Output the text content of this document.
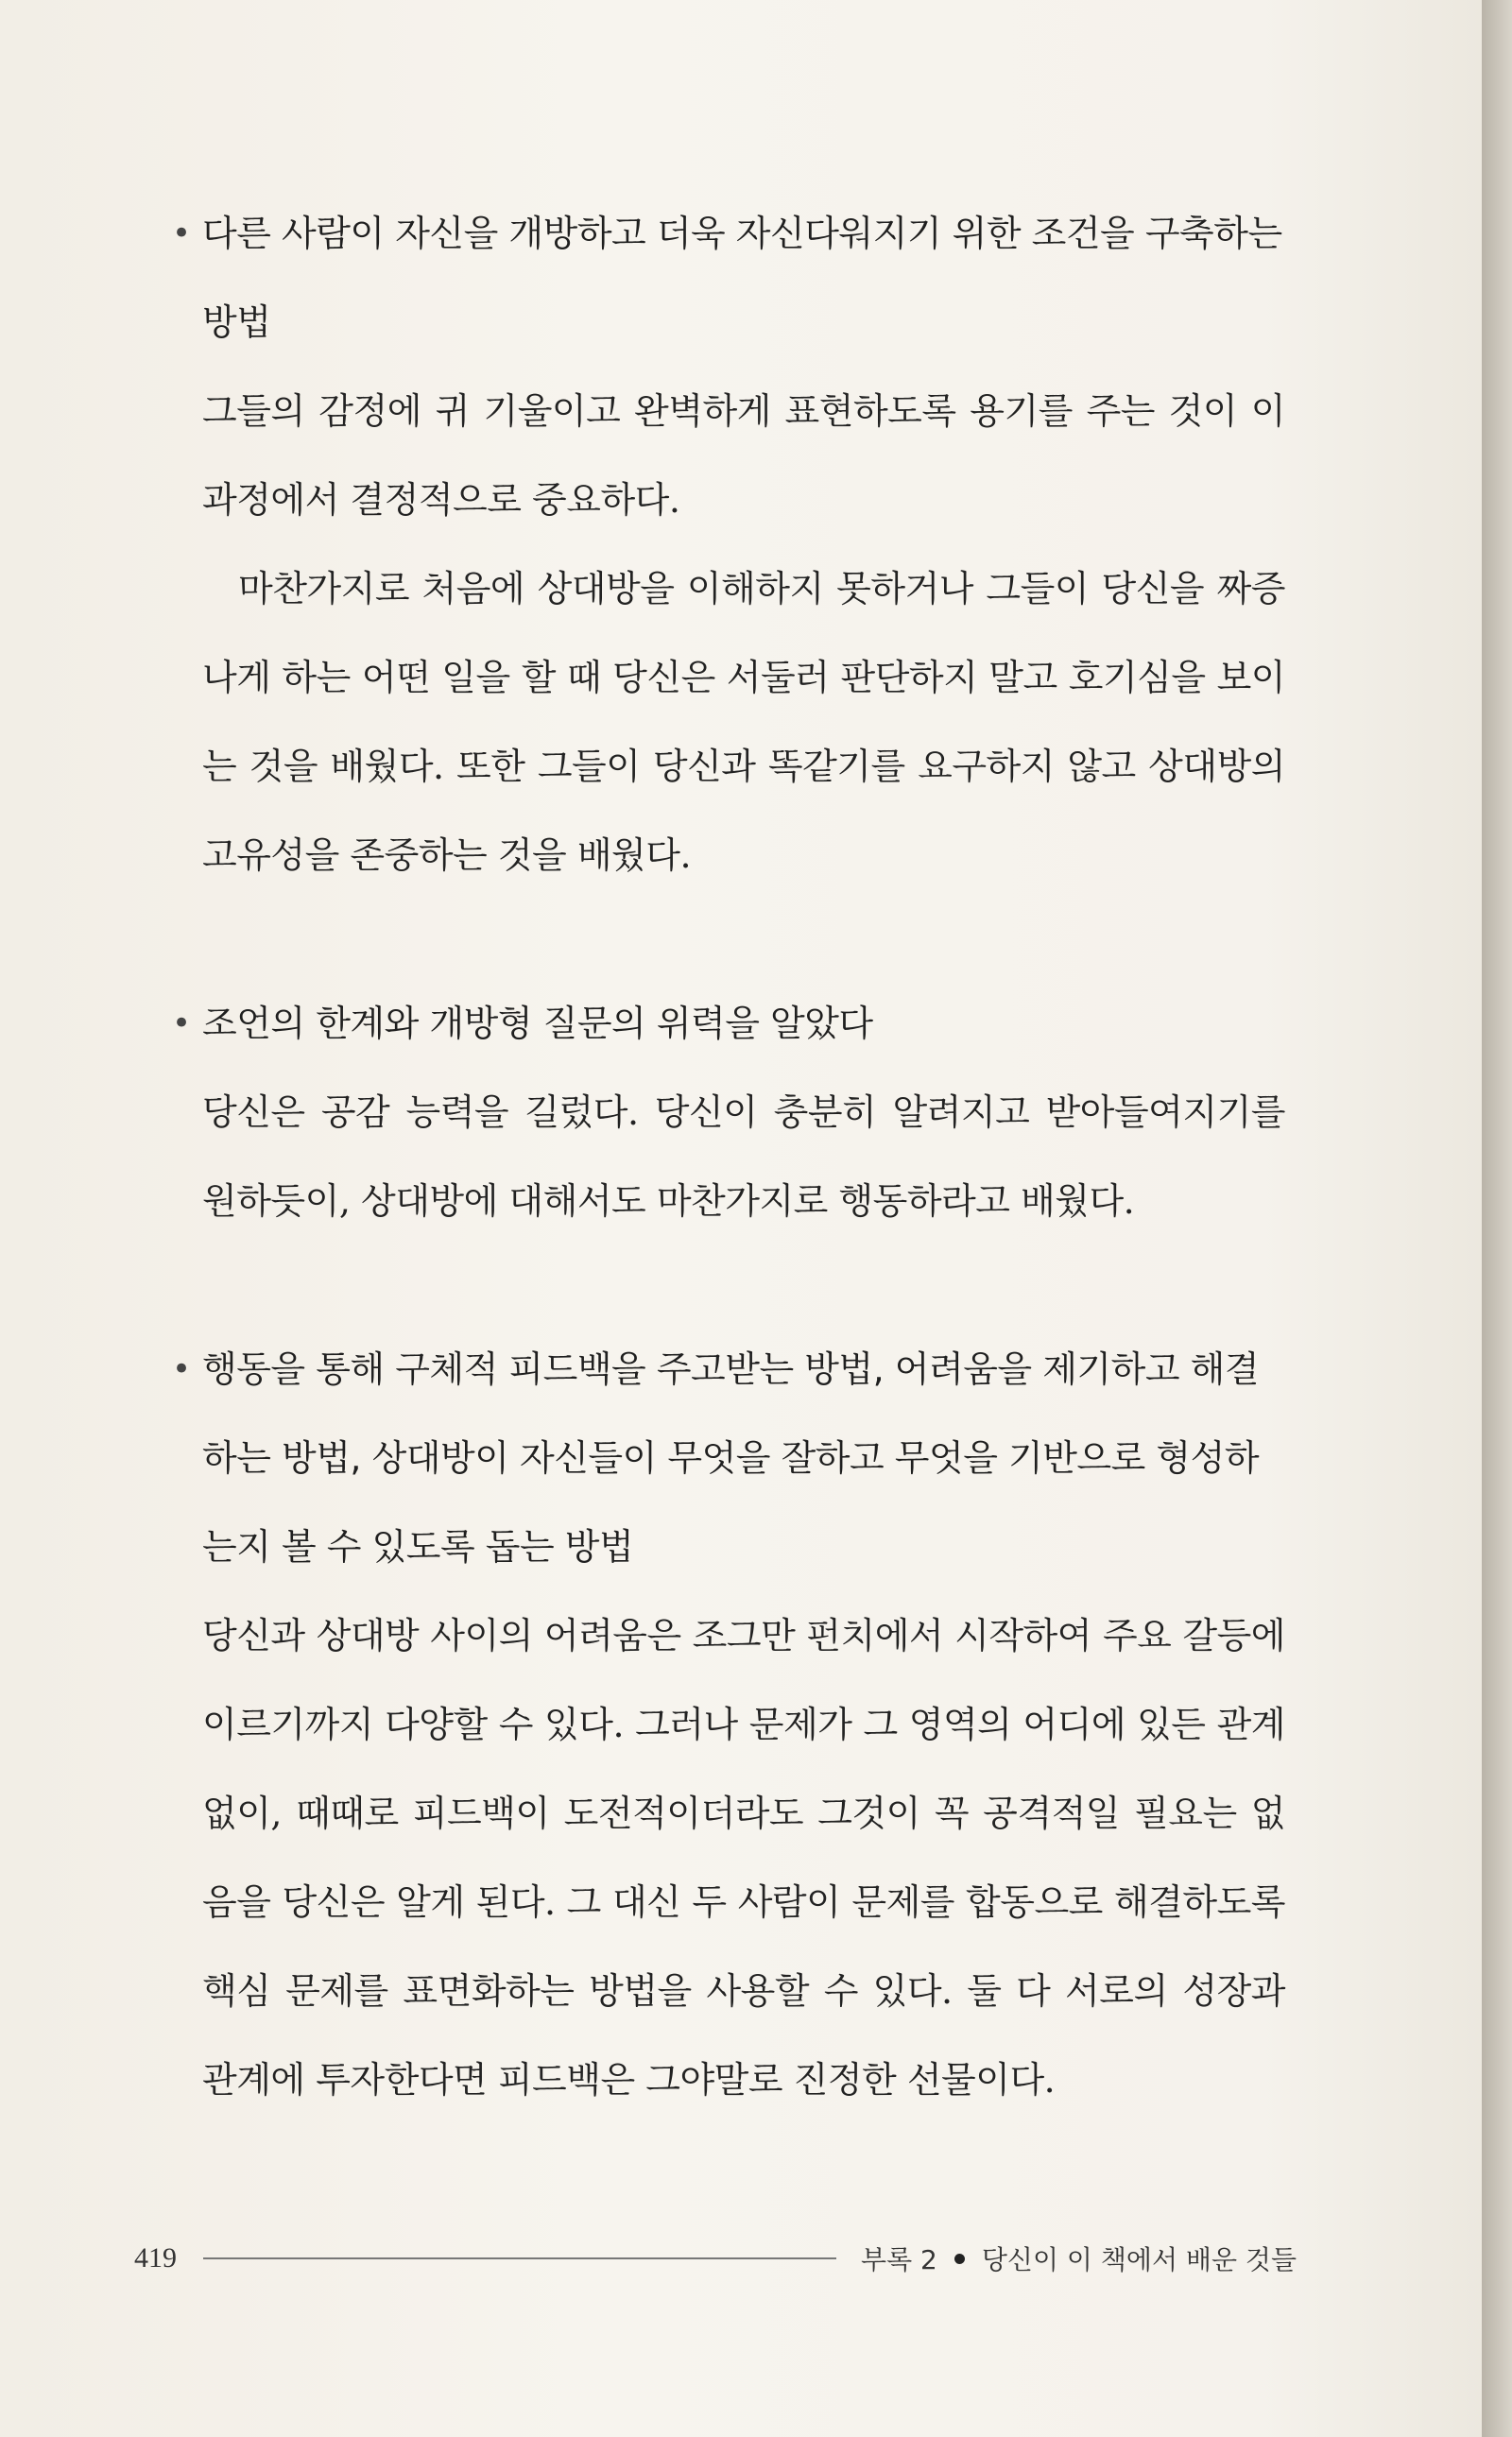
• 다른 사람이 자신을 개방하고 더욱 자신다워지기 위한 조건을 구축하는 방법

그들의 감정에 귀 기울이고 완벽하게 표현하도록 용기를 주는 것이 이 과정에서 결정적으로 중요하다.

마찬가지로 처음에 상대방을 이해하지 못하거나 그들이 당신을 짜증 나게 하는 어떤 일을 할 때 당신은 서둘러 판단하지 말고 호기심을 보이는 것을 배웠다. 또한 그들이 당신과 똑같기를 요구하지 않고 상대방의 고유성을 존중하는 것을 배웠다.

• 조언의 한계와 개방형 질문의 위력을 알았다

당신은 공감 능력을 길렀다. 당신이 충분히 알려지고 받아들여지기를 원하듯이, 상대방에 대해서도 마찬가지로 행동하라고 배웠다.

• 행동을 통해 구체적 피드백을 주고받는 방법, 어려움을 제기하고 해결하는 방법, 상대방이 자신들이 무엇을 잘하고 무엇을 기반으로 형성하는지 볼 수 있도록 돕는 방법

당신과 상대방 사이의 어려움은 조그만 펀치에서 시작하여 주요 갈등에 이르기까지 다양할 수 있다. 그러나 문제가 그 영역의 어디에 있든 관계없이, 때때로 피드백이 도전적이더라도 그것이 꼭 공격적일 필요는 없음을 당신은 알게 된다. 그 대신 두 사람이 문제를 합동으로 해결하도록 핵심 문제를 표면화하는 방법을 사용할 수 있다. 둘 다 서로의 성장과 관계에 투자한다면 피드백은 그야말로 진정한 선물이다.

419	부록 2 당신이 이 책에서 배운 것들
